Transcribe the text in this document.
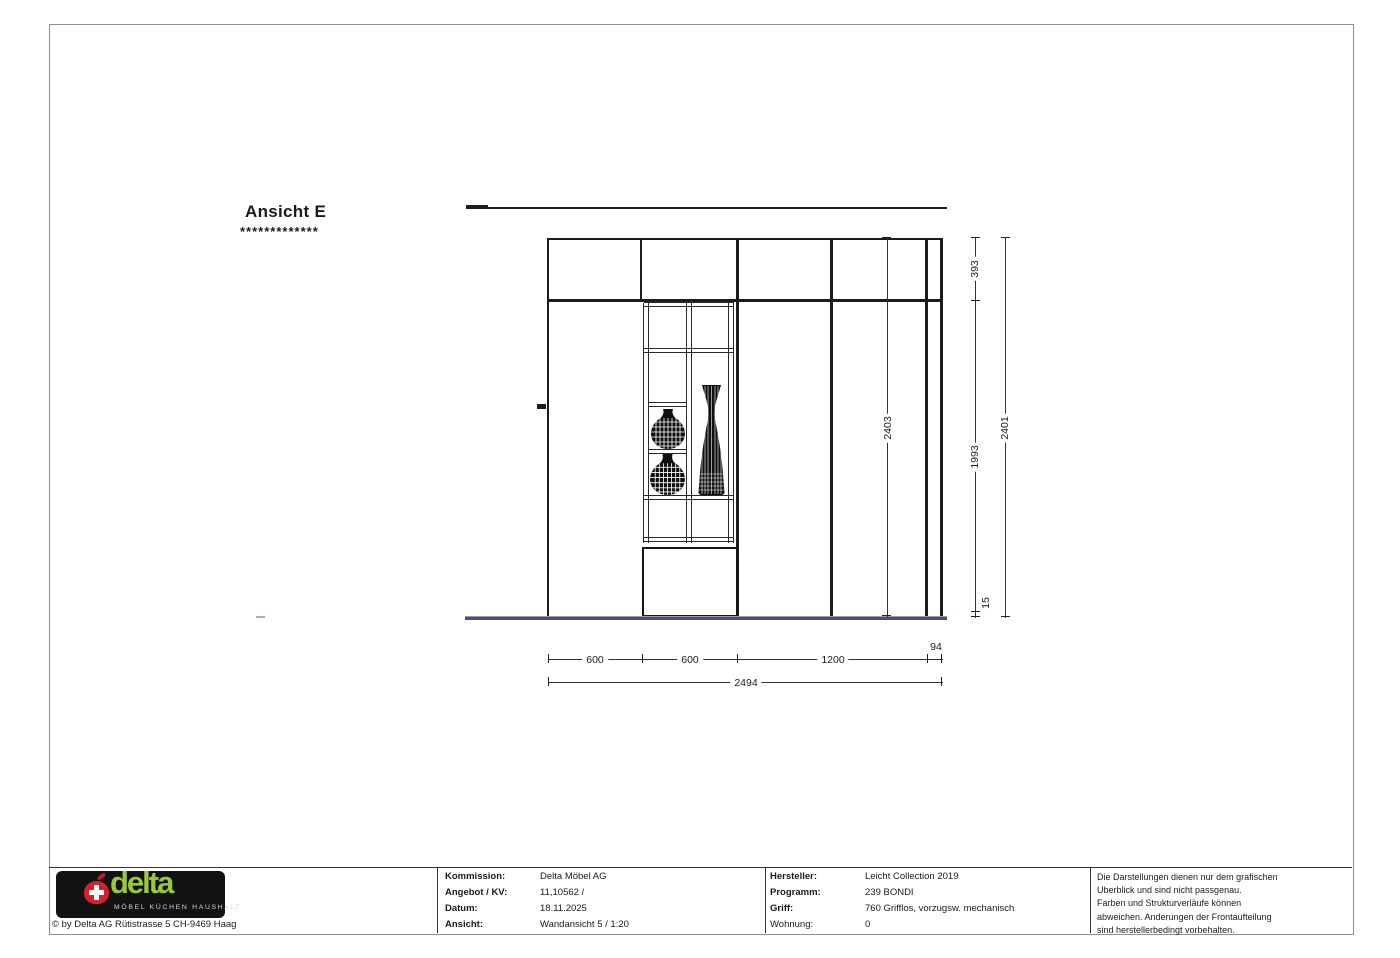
Ansicht E
*************
2403
393
1993
15
2401
600	600	1200
94
2494
delta
MÖBEL KÜCHEN HAUSHALT
© by Delta AG Rütistrasse 5 CH-9469 Haag
Kommission:	Delta Möbel AG
Angebot / KV:	11,10562 /
Datum:	18.11.2025
Ansicht:	Wandansicht 5 / 1:20
Hersteller:	Leicht Collection 2019
Programm:	239 BONDI
Griff:	760 Grifflos, vorzugsw. mechanisch
Wohnung:	0
Die Darstellungen dienen nur dem grafischen
Uberblick und sind nicht passgenau.
Farben und Strukturverläufe können
abweichen. Anderungen der Frontaufteilung
sind herstellerbedingt vorbehalten.
